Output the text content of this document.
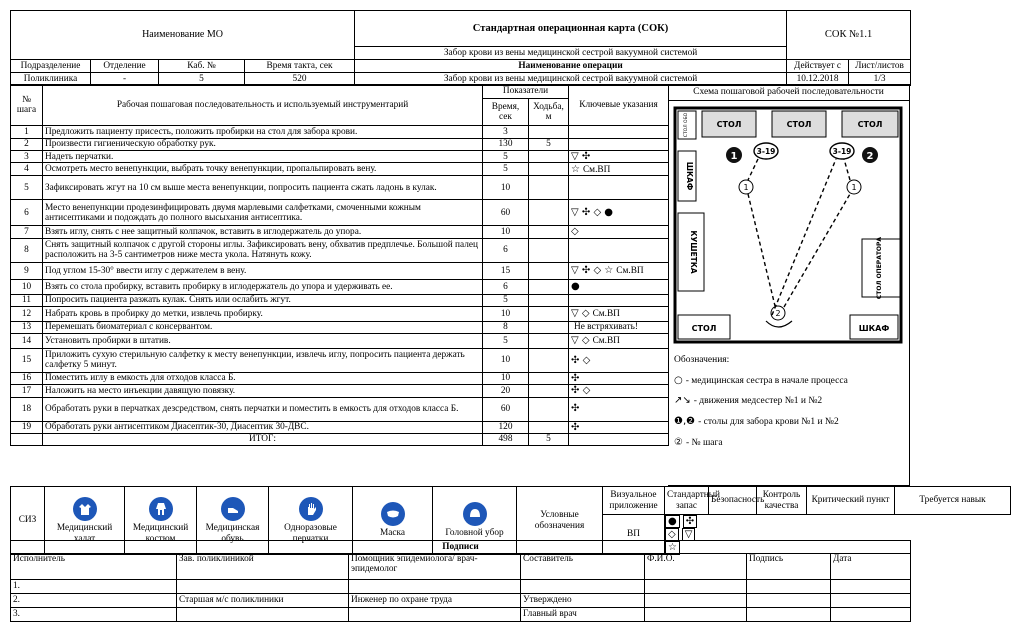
Наименование МО				Стандартная операционная карта (СОК)	СОК №1.1	
				Забор крови из вены медицинской сестрой вакуумной системой		
Подразделение	Отделение	Каб. №	Время такта, сек	Наименование операции	Действует с	Лист/листов
Поликлиника	-	5	520	Забор крови из вены медицинской сестрой вакуумной системой	10.12.2018	1/3
№ шага	Рабочая пошаговая последовательность и используемый инструментарий	Показатели		Ключевые указания
		Время, сек	Ходьба, м	
1	Предложить пациенту присесть, положить пробирки на стол для забора крови.	3		
2	Произвести гигиеническую обработку рук.	130	5	
3	Надеть перчатки.	5		▽ ✣
4	Осмотреть место венепункции, выбрать точку венепункции, пропальпировать вену.	5		☆ См.ВП
5	Зафиксировать жгут на 10 см выше места венепункции, попросить пациента сжать ладонь в кулак.	10		
6	Место венепункции продезинфицировать двумя марлевыми салфетками, смоченными кожным антисептиками и подождать до полного высыхания антисептика.	60		▽ ✣ ◇ ●
7	Взять иглу, снять с нее защитный колпачок, вставить в иглодержатель до упора.	10		◇
8	Снять защитный колпачок с другой стороны иглы. Зафиксировать вену, обхватив предплечье. Большой палец расположить на 3-5 сантиметров ниже места укола. Натянуть кожу.	6		
9	Под углом 15-30° ввести иглу с держателем в вену.	15		▽ ✣ ◇ ☆ См.ВП
10	Взять со стола пробирку, вставить пробирку в иглодержатель до упора и удерживать ее.	6		●
11	Попросить пациента разжать кулак. Снять или ослабить жгут.	5		
12	Набрать кровь в пробирку до метки, извлечь пробирку.	10		▽ ◇ См.ВП
13	Перемешать биоматериал с консервантом.	8		Не встряхивать!
14	Установить пробирки в штатив.	5		▽ ◇ См.ВП
15	Приложить сухую стерильную салфетку к месту венепункции, извлечь иглу, попросить пациента держать салфетку 5 минут.	10		✣ ◇
16	Поместить иглу в емкость для отходов класса Б.	10		✣
17	Наложить на место инъекции давящую повязку.	20		✣ ◇
18	Обработать руки в перчатках дезсредством, снять перчатки и поместить в емкость для отходов класса Б.	60		✣
19	Обработать руки антисептиком Диасептик-30, Диасептик 30-ДВС.	120		✣
	ИТОГ:	498	5	
Схема пошаговой рабочей последовательности
СТОЛ ОБО	СТОЛ	СТОЛ	СТОЛ
ШКАФ
КУШЕТКА	СТОЛ ОПЕРАТОРА
СТОЛ	ШКАФ
1	2
3-19	3-19
1	1
2
Обозначения:
○ - медицинская сестра в начале процесса
↗↘ - движения медсестер №1 и №2
❶,❷ - столы для забора крови №1 и №2
② - № шага
СИЗ	Медицинский халат	Медицинский костюм	Медицинская обувь	Одноразовые перчатки	Маска	Головной убор	Условные обозначения	Визуальное приложение	Стандартный запас	Безопасность	Контроль качества	Критический пункт	Требуется навык
								ВП	● ✣◇ ▽☆
Подписи						
Исполнитель	Зав. поликлиникой	Помощник эпидемиолога/ врач-эпидемолог	Составитель	Ф.И.О.	Подпись	Дата
1.						
2.	Старшая м/с поликлиники	Инженер по охране труда	Утверждено			
3.			Главный врач			
